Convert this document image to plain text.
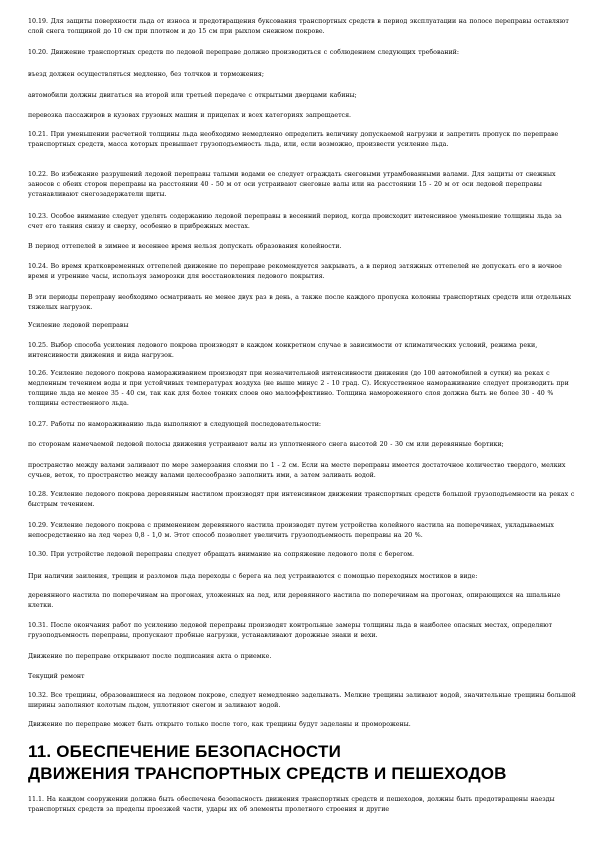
10.19. Для защиты поверхности льда от износа и предотвращения буксования транспортных средств в период эксплуатации на полосе переправы оставляют слой снега толщиной до 10 см при плотном и до 15 см при рыхлом снежном покрове.

10.20. Движение транспортных средств по ледовой переправе должно производиться с соблюдением следующих требований:

въезд должен осуществляться медленно, без толчков и торможения;

автомобили должны двигаться на второй или третьей передаче с открытыми дверцами кабины;

перевозка пассажиров в кузовах грузовых машин и прицепах и всех категориях запрещается.

10.21. При уменьшении расчетной толщины льда необходимо немедленно определить величину допускаемой нагрузки и запретить пропуск по переправе транспортных средств, масса которых превышает грузоподъемность льда, или, если возможно, произвести усиление льда.

10.22. Во избежание разрушений ледовой переправы талыми водами ее следует ограждать снеговыми утрамбованными валами. Для защиты от снежных заносов с обеих сторон переправы на расстоянии 40 - 50 м от оси устраивают снеговые валы или на расстоянии 15 - 20 м от оси ледовой переправы устанавливают снегозадержатели щиты.

10.23. Особое внимание следует уделять содержанию ледовой переправы в весенний период, когда происходит интенсивное уменьшение толщины льда за счет его таяния снизу и сверху, особенно в прибрежных местах.

В период оттепелей в зимнее и весеннее время нельзя допускать образования колейности.

10.24. Во время кратковременных оттепелей движение по переправе рекомендуется закрывать, а в период затяжных оттепелей не допускать его в ночное время и утренние часы, используя заморозки для восстановления ледового покрытия.

В эти периоды переправу необходимо осматривать не менее двух раз в день, а также после каждого пропуска колонны транспортных средств или отдельных тяжелых нагрузок.

Усиление ледовой переправы

10.25. Выбор способа усиления ледового покрова производят в каждом конкретном случае в зависимости от климатических условий, режима реки, интенсивности движения и вида нагрузок.

10.26. Усиление ледового покрова намораживанием производят при незначительной интенсивности движения (до 100 автомобилей в сутки) на реках с медленным течением воды и при устойчивых температурах воздуха (не выше минус 2 - 10 град. С). Искусственное намораживание следует производить при толщине льда не менее 35 - 40 см, так как для более тонких слоев оно малоэффективно. Толщина намороженного слоя должна быть не более 30 - 40 % толщины естественного льда.

10.27. Работы по намораживанию льда выполняют в следующей последовательности:

по сторонам намечаемой ледовой полосы движения устраивают валы из уплотненного снега высотой 20 - 30 см или деревянные бортики;

пространство между валами заливают по мере замерзания слоями по 1 - 2 см. Если на месте переправы имеется достаточное количество твердого, мелких сучьев, веток, то пространство между валами целесообразно заполнить ими, а затем заливать водой.

10.28. Усиление ледового покрова деревянным настилом производят при интенсивном движении транспортных средств большой грузоподъемности на реках с быстрым течением.

10.29. Усиление ледового покрова с применением деревянного настила производят путем устройства колейного настила на поперечинах, укладываемых непосредственно на лед через 0,8 - 1,0 м. Этот способ позволяет увеличить грузоподъемность переправы на 20 %.

10.30. При устройстве ледовой переправы следует обращать внимание на сопряжение ледового поля с берегом.

При наличии заиления, трещин и разломов льда переходы с берега на лед устраиваются с помощью переходных мостиков в виде:

деревянного настила по поперечинам на прогонах, уложенных на лед, или деревянного настила по поперечинам на прогонах, опирающихся на шпальные клетки.

10.31. После окончания работ по усилению ледовой переправы производят контрольные замеры толщины льда в наиболее опасных местах, определяют грузоподъемность переправы, пропускают пробные нагрузки, устанавливают дорожные знаки и вехи.

Движение по переправе открывают после подписания акта о приемке.

Текущий ремонт

10.32. Все трещины, образовавшиеся на ледовом покрове, следует немедленно заделывать. Мелкие трещины заливают водой, значительные трещины большой ширины заполняют колотым льдом, уплотняют снегом и заливают водой.

Движение по переправе может быть открыто только после того, как трещины будут заделаны и проморожены.

11. ОБЕСПЕЧЕНИЕ БЕЗОПАСНОСТИ
ДВИЖЕНИЯ ТРАНСПОРТНЫХ СРЕДСТВ И ПЕШЕХОДОВ

11.1. На каждом сооружении должна быть обеспечена безопасность движения транспортных средств и пешеходов, должны быть предотвращены наезды транспортных средств за пределы проезжей части, удары их об элементы пролетного строения и другие
